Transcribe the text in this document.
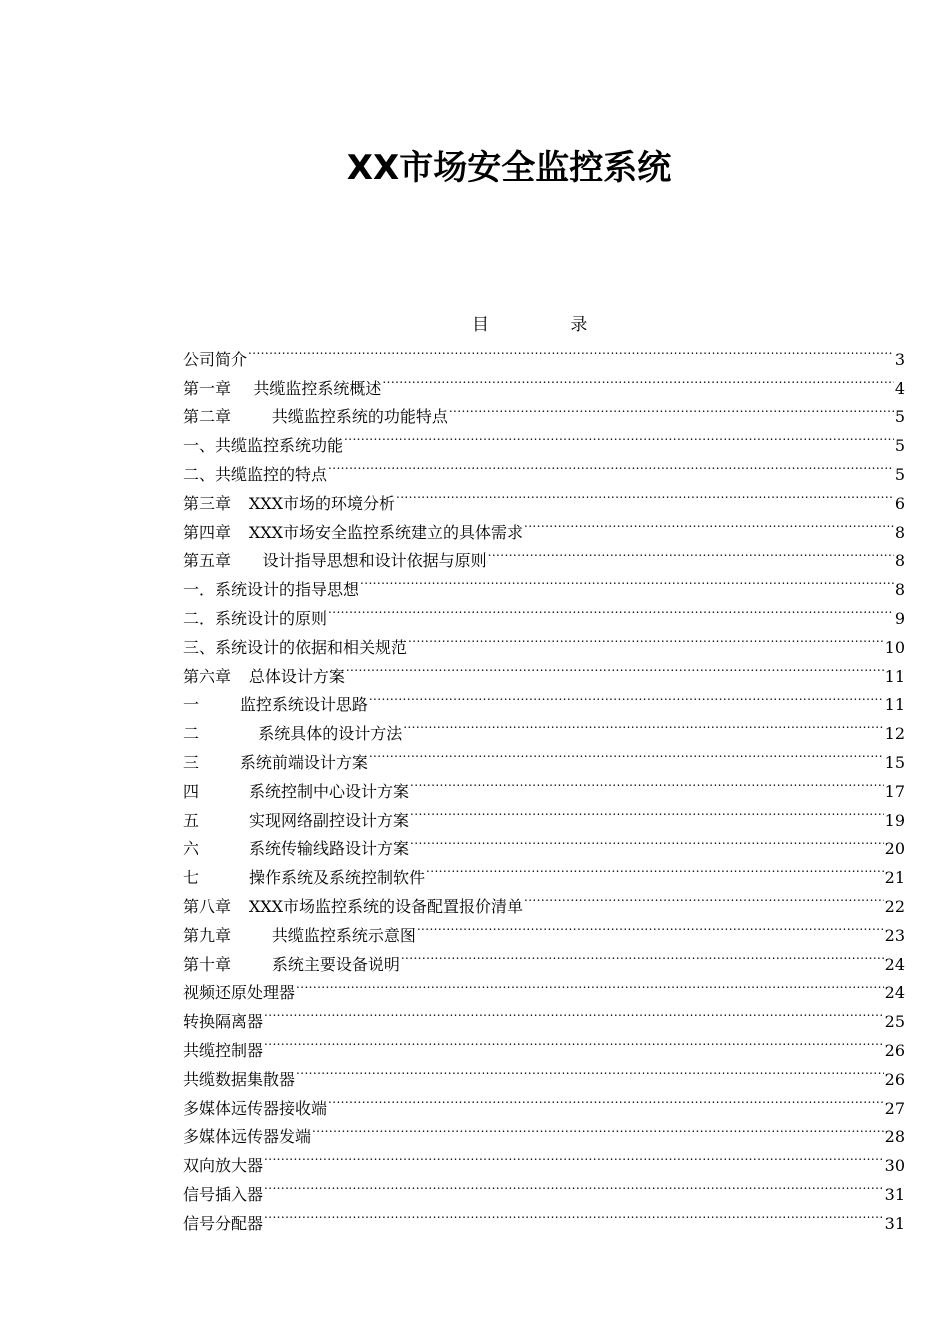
XX市场安全监控系统
目 录
公司简介 .....	3
第一章 共缆监控系统概述 .....	4
第二章	共缆监控系统的功能特点 .....	5
一、共缆监控系统功能 .....	5
二、共缆监控的特点 .....	5
第三章 XXX市场的环境分析 .....	6
第四章 XXX市场安全监控系统建立的具体需求 .....	8
第五章 设计指导思想和设计依据与原则 .....	8
一．系统设计的指导思想 .....	8
二．系统设计的原则 .....	9
三、系统设计的依据和相关规范 .....	10
第六章 总体设计方案 .....	11
一	监控系统设计思路 .....	11
二	系统具体的设计方法 .....	12
三	系统前端设计方案 .....	15
四	系统控制中心设计方案 .....	17
五	实现网络副控设计方案 .....	19
六	系统传输线路设计方案 .....	20
七	操作系统及系统控制软件 .....	21
第八章 XXX市场监控系统的设备配置报价清单 .....	22
第九章	共缆监控系统示意图 .....	23
第十章	系统主要设备说明 .....	24
视频还原处理器 .....	24
转换隔离器 .....	25
共缆控制器 .....	26
共缆数据集散器 .....	26
多媒体远传器接收端 .....	27
多媒体远传器发端 .....	28
双向放大器 .....	30
信号插入器 .....	31
信号分配器 .....	31
